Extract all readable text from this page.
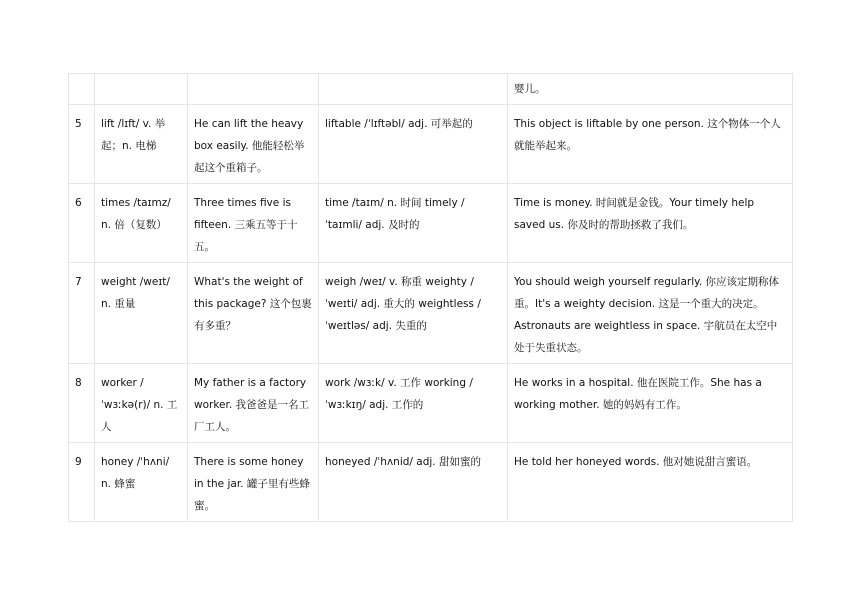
				婴儿。
5	lift /lɪft/ v. 举起；n. 电梯	He can lift the heavy box easily. 他能轻松举起这个重箱子。	liftable /ˈlɪftəbl/ adj. 可举起的	This object is liftable by one person. 这个物体一个人就能举起来。
6	times /taɪmz/ n. 倍（复数）	Three times five is fifteen. 三乘五等于十五。	time /taɪm/ n. 时间 timely /ˈtaɪmli/ adj. 及时的	Time is money. 时间就是金钱。Your timely help saved us. 你及时的帮助拯救了我们。
7	weight /weɪt/ n. 重量	What's the weight of this package? 这个包裹有多重？	weigh /weɪ/ v. 称重 weighty /ˈweɪti/ adj. 重大的 weightless /ˈweɪtləs/ adj. 失重的	You should weigh yourself regularly. 你应该定期称体重。It's a weighty decision. 这是一个重大的决定。Astronauts are weightless in space. 宇航员在太空中处于失重状态。
8	worker /ˈwɜːkə(r)/ n. 工人	My father is a factory worker. 我爸爸是一名工厂工人。	work /wɜːk/ v. 工作 working /ˈwɜːkɪŋ/ adj. 工作的	He works in a hospital. 他在医院工作。She has a working mother. 她的妈妈有工作。
9	honey /ˈhʌni/ n. 蜂蜜	There is some honey in the jar. 罐子里有些蜂蜜。	honeyed /ˈhʌnid/ adj. 甜如蜜的	He told her honeyed words. 他对她说甜言蜜语。
